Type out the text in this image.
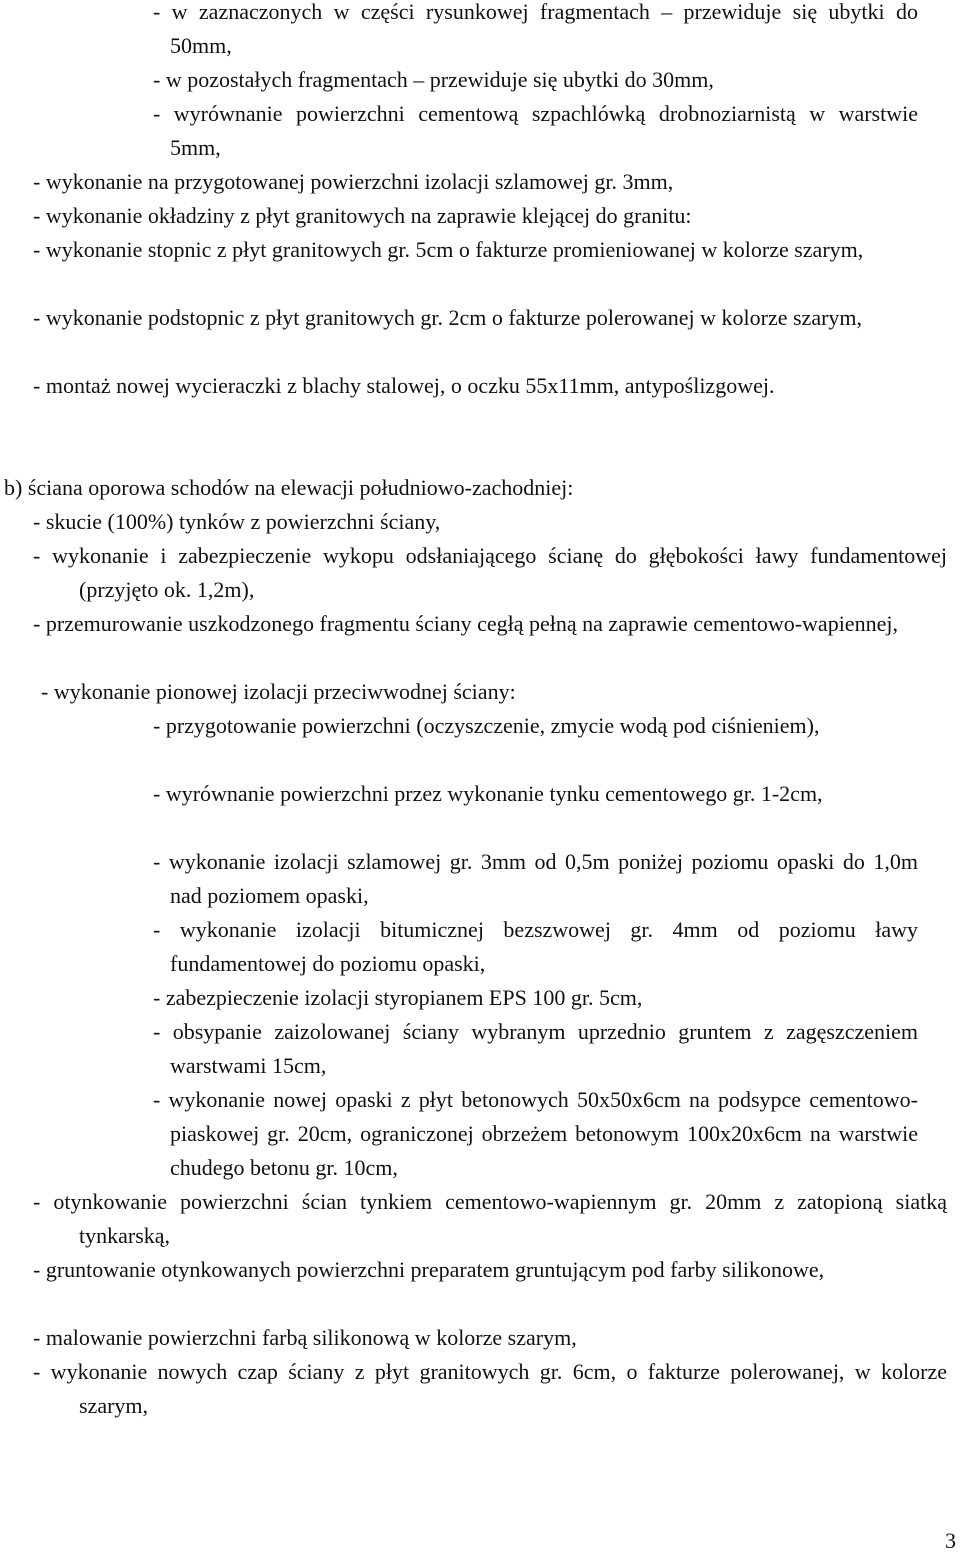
- w zaznaczonych w części rysunkowej fragmentach – przewiduje się ubytki do 50mm,
- w pozostałych fragmentach – przewiduje się ubytki do 30mm,
- wyrównanie powierzchni cementową szpachlówką drobnoziarnistą w warstwie 5mm,
- wykonanie na przygotowanej powierzchni izolacji szlamowej gr. 3mm,
- wykonanie okładziny z płyt granitowych na zaprawie klejącej do granitu:
- wykonanie stopnic z płyt granitowych gr. 5cm o fakturze promieniowanej w kolorze szarym,
- wykonanie podstopnic z płyt granitowych gr. 2cm o fakturze polerowanej w kolorze szarym,
- montaż nowej wycieraczki z blachy stalowej, o oczku 55x11mm, antypoślizgowej.
b) ściana oporowa schodów na elewacji południowo-zachodniej:
- skucie (100%) tynków z powierzchni ściany,
- wykonanie i zabezpieczenie wykopu odsłaniającego ścianę do głębokości ławy fundamentowej (przyjęto ok. 1,2m),
- przemurowanie uszkodzonego fragmentu ściany cegłą pełną na zaprawie cementowo-wapiennej,
- wykonanie pionowej izolacji przeciwwodnej ściany:
- przygotowanie powierzchni (oczyszczenie, zmycie wodą pod ciśnieniem),
- wyrównanie powierzchni przez wykonanie tynku cementowego gr. 1-2cm,
- wykonanie izolacji szlamowej gr. 3mm od 0,5m poniżej poziomu opaski do 1,0m nad poziomem opaski,
- wykonanie izolacji bitumicznej bezszwowej gr. 4mm od poziomu ławy fundamentowej do poziomu opaski,
- zabezpieczenie izolacji styropianem EPS 100 gr. 5cm,
- obsypanie zaizolowanej ściany wybranym uprzednio gruntem z zagęszczeniem warstwami 15cm,
- wykonanie nowej opaski z płyt betonowych 50x50x6cm na podsypce cementowo-piaskowej gr. 20cm, ograniczonej obrzeżem betonowym 100x20x6cm na warstwie chudego betonu gr. 10cm,
- otynkowanie powierzchni ścian tynkiem cementowo-wapiennym gr. 20mm z zatopioną siatką tynkarską,
- gruntowanie otynkowanych powierzchni preparatem gruntującym pod farby silikonowe,
- malowanie powierzchni farbą silikonową w kolorze szarym,
- wykonanie nowych czap ściany z płyt granitowych gr. 6cm, o fakturze polerowanej, w kolorze szarym,
3
